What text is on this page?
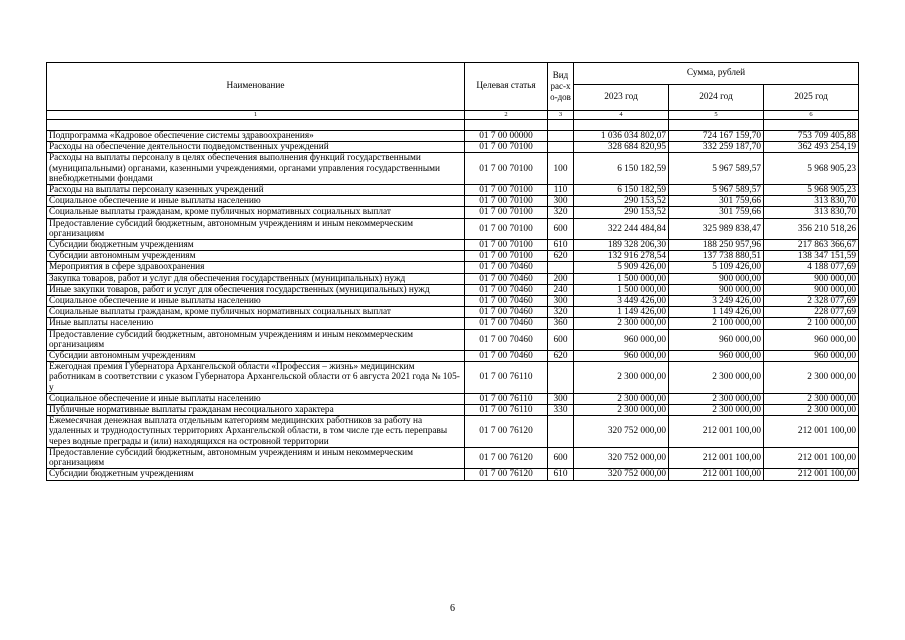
Наименование	Целевая статья	Вид рас-хо-дов	Сумма, рублей		
			2023 год	2024 год	2025 год
1	2	3	4	5	6

Подпрограмма «Кадровое обеспечение системы здравоохранения»	01 7 00 00000		1 036 034 802,07	724 167 159,70	753 709 405,88
Расходы на обеспечение деятельности подведомственных учреждений	01 7 00 70100		328 684 820,95	332 259 187,70	362 493 254,19
Расходы на выплаты персоналу в целях обеспечения выполнения функций государственными (муниципальными) органами, казенными учреждениями, органами управления государственными внебюджетными фондами	01 7 00 70100	100	6 150 182,59	5 967 589,57	5 968 905,23
Расходы на выплаты персоналу казенных учреждений	01 7 00 70100	110	6 150 182,59	5 967 589,57	5 968 905,23
Социальное обеспечение и иные выплаты населению	01 7 00 70100	300	290 153,52	301 759,66	313 830,70
Социальные выплаты гражданам, кроме публичных нормативных социальных выплат	01 7 00 70100	320	290 153,52	301 759,66	313 830,70
Предоставление субсидий бюджетным, автономным учреждениям и иным некоммерческим организациям	01 7 00 70100	600	322 244 484,84	325 989 838,47	356 210 518,26
Субсидии бюджетным учреждениям	01 7 00 70100	610	189 328 206,30	188 250 957,96	217 863 366,67
Субсидии автономным учреждениям	01 7 00 70100	620	132 916 278,54	137 738 880,51	138 347 151,59
Мероприятия в сфере здравоохранения	01 7 00 70460		5 909 426,00	5 109 426,00	4 188 077,69
Закупка товаров, работ и услуг для обеспечения государственных (муниципальных) нужд	01 7 00 70460	200	1 500 000,00	900 000,00	900 000,00
Иные закупки товаров, работ и услуг для обеспечения государственных (муниципальных) нужд	01 7 00 70460	240	1 500 000,00	900 000,00	900 000,00
Социальное обеспечение и иные выплаты населению	01 7 00 70460	300	3 449 426,00	3 249 426,00	2 328 077,69
Социальные выплаты гражданам, кроме публичных нормативных социальных выплат	01 7 00 70460	320	1 149 426,00	1 149 426,00	228 077,69
Иные выплаты населению	01 7 00 70460	360	2 300 000,00	2 100 000,00	2 100 000,00
Предоставление субсидий бюджетным, автономным учреждениям и иным некоммерческим организациям	01 7 00 70460	600	960 000,00	960 000,00	960 000,00
Субсидии автономным учреждениям	01 7 00 70460	620	960 000,00	960 000,00	960 000,00
Ежегодная премия Губернатора Архангельской области «Профессия – жизнь» медицинским работникам в соответствии с указом Губернатора Архангельской области от 6 августа 2021 года № 105-у	01 7 00 76110		2 300 000,00	2 300 000,00	2 300 000,00
Социальное обеспечение и иные выплаты населению	01 7 00 76110	300	2 300 000,00	2 300 000,00	2 300 000,00
Публичные нормативные выплаты гражданам несоциального характера	01 7 00 76110	330	2 300 000,00	2 300 000,00	2 300 000,00
Ежемесячная денежная выплата отдельным категориям медицинских работников за работу на удаленных и труднодоступных территориях Архангельской области, в том числе где есть переправы через водные преграды и (или) находящихся на островной территории	01 7 00 76120		320 752 000,00	212 001 100,00	212 001 100,00
Предоставление субсидий бюджетным, автономным учреждениям и иным некоммерческим организациям	01 7 00 76120	600	320 752 000,00	212 001 100,00	212 001 100,00
Субсидии бюджетным учреждениям	01 7 00 76120	610	320 752 000,00	212 001 100,00	212 001 100,00
6
